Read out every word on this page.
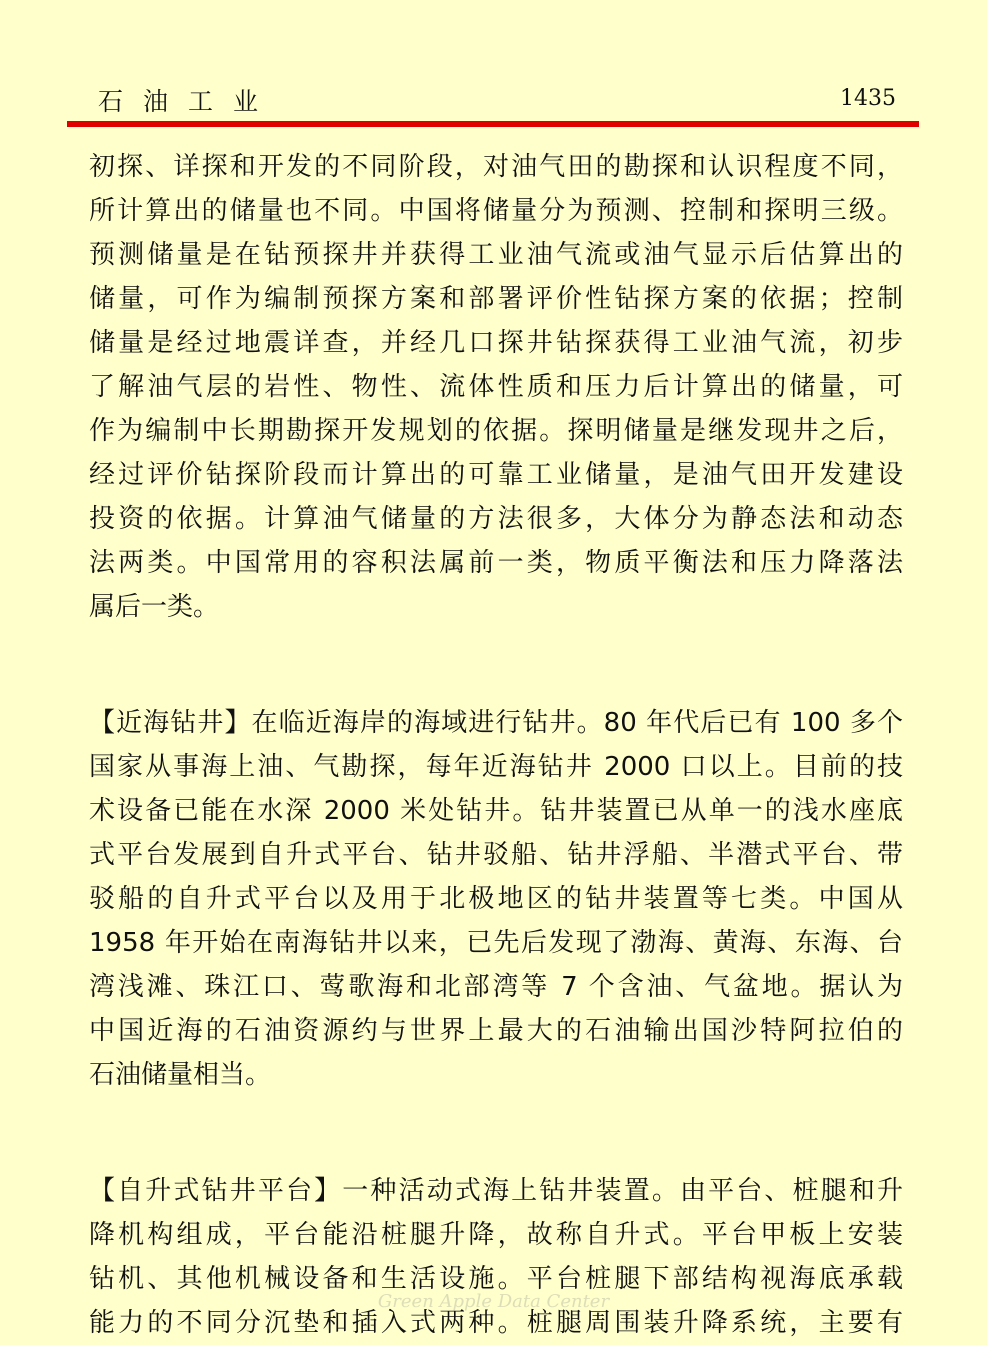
石油工业	1435
初探、详探和开发的不同阶段，对油气田的勘探和认识程度不同，
所计算出的储量也不同。中国将储量分为预测、控制和探明三级。
预测储量是在钻预探井并获得工业油气流或油气显示后估算出的
储量，可作为编制预探方案和部署评价性钻探方案的依据；控制
储量是经过地震详查，并经几口探井钻探获得工业油气流，初步
了解油气层的岩性、物性、流体性质和压力后计算出的储量，可
作为编制中长期勘探开发规划的依据。探明储量是继发现井之后，
经过评价钻探阶段而计算出的可靠工业储量，是油气田开发建设
投资的依据。计算油气储量的方法很多，大体分为静态法和动态
法两类。中国常用的容积法属前一类，物质平衡法和压力降落法
属后一类。
【近海钻井】在临近海岸的海域进行钻井。80 年代后已有 100 多个
国家从事海上油、气勘探，每年近海钻井 2000 口以上。目前的技
术设备已能在水深 2000 米处钻井。钻井装置已从单一的浅水座底
式平台发展到自升式平台、钻井驳船、钻井浮船、半潜式平台、带
驳船的自升式平台以及用于北极地区的钻井装置等七类。中国从
1958 年开始在南海钻井以来，已先后发现了渤海、黄海、东海、台
湾浅滩、珠江口、莺歌海和北部湾等 7 个含油、气盆地。据认为
中国近海的石油资源约与世界上最大的石油输出国沙特阿拉伯的
石油储量相当。
【自升式钻井平台】一种活动式海上钻井装置。由平台、桩腿和升
降机构组成，平台能沿桩腿升降，故称自升式。平台甲板上安装
钻机、其他机械设备和生活设施。平台桩腿下部结构视海底承载
能力的不同分沉垫和插入式两种。桩腿周围装升降系统，主要有
Green Apple Data Center
